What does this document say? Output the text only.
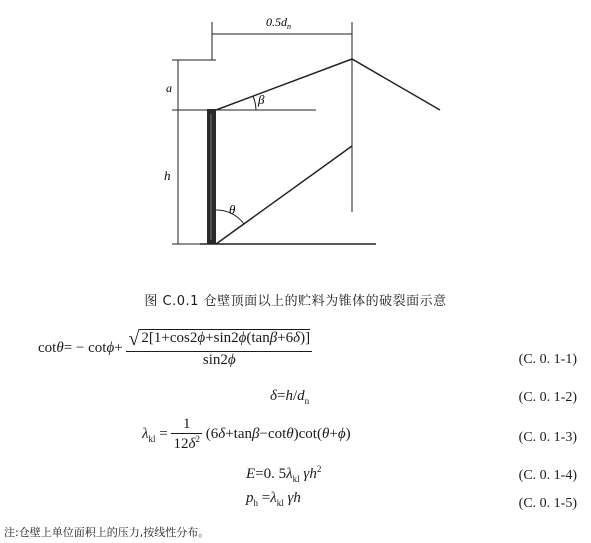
$0.5d_n$
a
h
β
θ
图 C.0.1 仓壁顶面以上的贮料为锥体的破裂面示意
$\cot\theta= - \cot\phi+ \frac{√ 2[1+\cos 2\phi+\sin 2\phi(\tan\beta+6\delta)]}{\sin 2\phi}$	(C. 0. 1-1)
$\delta=h/d_n$	(C. 0. 1-2)
$\lambda_{kl} = \frac{1}{12\delta^2} (6\delta+\tan\beta-\cot\theta)\cot(\theta+\phi)$	(C. 0. 1-3)
E=0. $5\lambda_{kl}$ $\gamma h^2$	(C. 0. 1-4)
$p_h =\lambda_{kl}$ γh	(C. 0. 1-5)
注:仓壁上单位面积上的压力,按线性分布。
